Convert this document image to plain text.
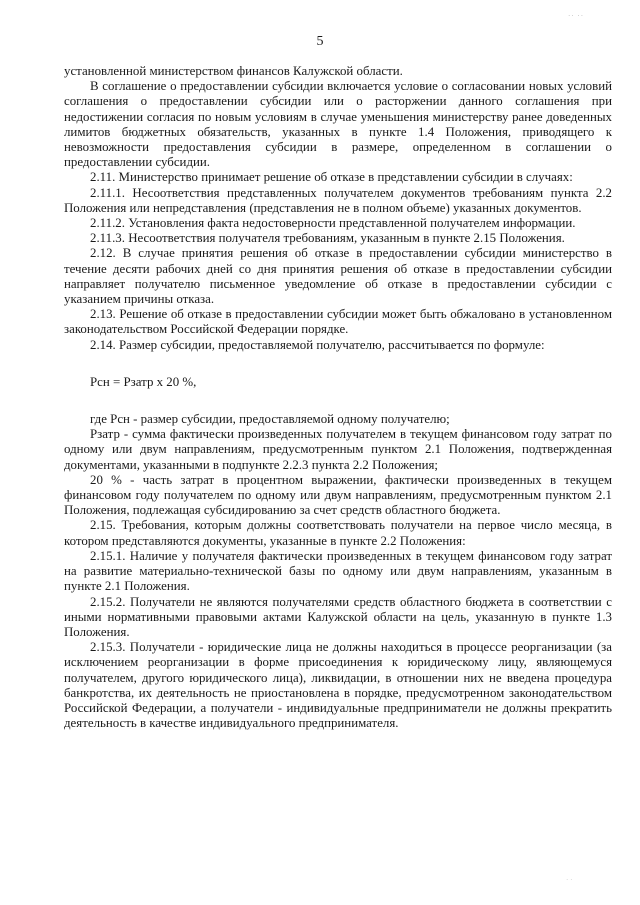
·· ··
5

установленной министерством финансов Калужской области.

В соглашение о предоставлении субсидии включается условие о согласовании новых условий соглашения о предоставлении субсидии или о расторжении данного соглашения при недостижении согласия по новым условиям в случае уменьшения министерству ранее доведенных лимитов бюджетных обязательств, указанных в пункте 1.4 Положения, приводящего к невозможности предоставления субсидии в размере, определенном в соглашении о предоставлении субсидии.

2.11. Министерство принимает решение об отказе в представлении субсидии в случаях:

2.11.1. Несоответствия представленных получателем документов требованиям пункта 2.2 Положения или непредставления (представления не в полном объеме) указанных документов.

2.11.2. Установления факта недостоверности представленной получателем информации.

2.11.3. Несоответствия получателя требованиям, указанным в пункте 2.15 Положения.

2.12. В случае принятия решения об отказе в предоставлении субсидии министерство в течение десяти рабочих дней со дня принятия решения об отказе в предоставлении субсидии направляет получателю письменное уведомление об отказе в предоставлении субсидии с указанием причины отказа.

2.13. Решение об отказе в предоставлении субсидии может быть обжаловано в установленном законодательством Российской Федерации порядке.

2.14. Размер субсидии, предоставляемой получателю, рассчитывается по формуле:

Рсн = Рзатр х 20 %,

где Рсн - размер субсидии, предоставляемой одному получателю;

Рзатр - сумма фактически произведенных получателем в текущем финансовом году затрат по одному или двум направлениям, предусмотренным пунктом 2.1 Положения, подтвержденная документами, указанными в подпункте 2.2.3 пункта 2.2 Положения;

20 % - часть затрат в процентном выражении, фактически произведенных в текущем финансовом году получателем по одному или двум направлениям, предусмотренным пунктом 2.1 Положения, подлежащая субсидированию за счет средств областного бюджета.

2.15. Требования, которым должны соответствовать получатели на первое число месяца, в котором представляются документы, указанные в пункте 2.2 Положения:

2.15.1. Наличие у получателя фактически произведенных в текущем финансовом году затрат на развитие материально-технической базы по одному или двум направлениям, указанным в пункте 2.1 Положения.

2.15.2. Получатели не являются получателями средств областного бюджета в соответствии с иными нормативными правовыми актами Калужской области на цель, указанную в пункте 1.3 Положения.

2.15.3. Получатели - юридические лица не должны находиться в процессе реорганизации (за исключением реорганизации в форме присоединения к юридическому лицу, являющемуся получателем, другого юридического лица), ликвидации, в отношении них не введена процедура банкротства, их деятельность не приостановлена в порядке, предусмотренном законодательством Российской Федерации, а получатели - индивидуальные предприниматели не должны прекратить деятельность в качестве индивидуального предпринимателя.

· ·
